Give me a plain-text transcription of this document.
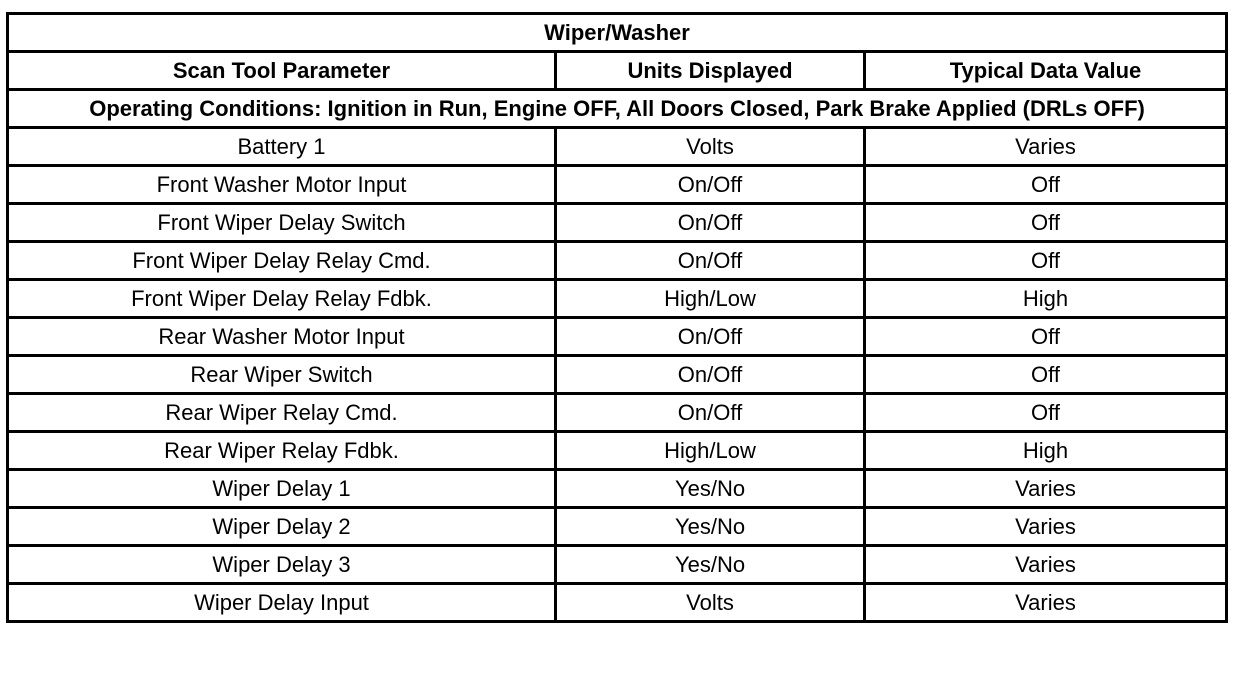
Wiper/Washer		
Scan Tool Parameter	Units Displayed	Typical Data Value
Operating Conditions: Ignition in Run, Engine OFF, All Doors Closed, Park Brake Applied (DRLs OFF)		
Battery 1	Volts	Varies
Front Washer Motor Input	On/Off	Off
Front Wiper Delay Switch	On/Off	Off
Front Wiper Delay Relay Cmd.	On/Off	Off
Front Wiper Delay Relay Fdbk.	High/Low	High
Rear Washer Motor Input	On/Off	Off
Rear Wiper Switch	On/Off	Off
Rear Wiper Relay Cmd.	On/Off	Off
Rear Wiper Relay Fdbk.	High/Low	High
Wiper Delay 1	Yes/No	Varies
Wiper Delay 2	Yes/No	Varies
Wiper Delay 3	Yes/No	Varies
Wiper Delay Input	Volts	Varies
